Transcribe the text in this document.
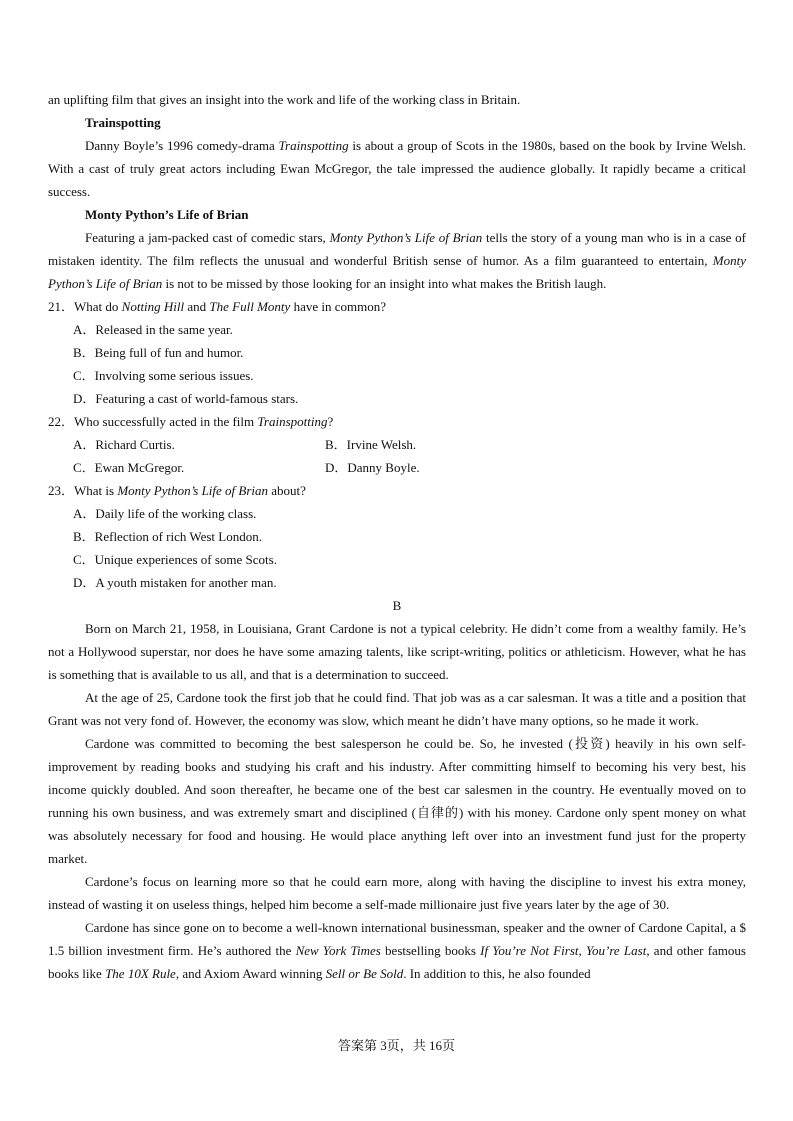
an uplifting film that gives an insight into the work and life of the working class in Britain.

Trainspotting

Danny Boyle’s 1996 comedy-drama Trainspotting is about a group of Scots in the 1980s, based on the book by Irvine Welsh. With a cast of truly great actors including Ewan McGregor, the tale impressed the audience globally. It rapidly became a critical success.

Monty Python’s Life of Brian

Featuring a jam-packed cast of comedic stars, Monty Python’s Life of Brian tells the story of a young man who is in a case of mistaken identity. The film reflects the unusual and wonderful British sense of humor. As a film guaranteed to entertain, Monty Python’s Life of Brian is not to be missed by those looking for an insight into what makes the British laugh.

21．What do Notting Hill and The Full Monty have in common?

A．Released in the same year.

B．Being full of fun and humor.

C．Involving some serious issues.

D．Featuring a cast of world-famous stars.

22．Who successfully acted in the film Trainspotting?

A．Richard Curtis.	B．Irvine Welsh.
C．Ewan McGregor.	D．Danny Boyle.

23．What is Monty Python’s Life of Brian about?

A．Daily life of the working class.

B．Reflection of rich West London.

C．Unique experiences of some Scots.

D．A youth mistaken for another man.

B

Born on March 21, 1958, in Louisiana, Grant Cardone is not a typical celebrity. He didn’t come from a wealthy family. He’s not a Hollywood superstar, nor does he have some amazing talents, like script-writing, politics or athleticism. However, what he has is something that is available to us all, and that is a determination to succeed.

At the age of 25, Cardone took the first job that he could find. That job was as a car salesman. It was a title and a position that Grant was not very fond of. However, the economy was slow, which meant he didn’t have many options, so he made it work.

Cardone was committed to becoming the best salesperson he could be. So, he invested (投资) heavily in his own self-improvement by reading books and studying his craft and his industry. After committing himself to becoming his very best, his income quickly doubled. And soon thereafter, he became one of the best car salesmen in the country. He eventually moved on to running his own business, and was extremely smart and disciplined (自律的) with his money. Cardone only spent money on what was absolutely necessary for food and housing. He would place anything left over into an investment fund just for the property market.

Cardone’s focus on learning more so that he could earn more, along with having the discipline to invest his extra money, instead of wasting it on useless things, helped him become a self-made millionaire just five years later by the age of 30.

Cardone has since gone on to become a well-known international businessman, speaker and the owner of Cardone Capital, a $ 1.5 billion investment firm. He’s authored the New York Times bestselling books If You’re Not First, You’re Last, and other famous books like The 10X Rule, and Axiom Award winning Sell or Be Sold. In addition to this, he also founded

答案第 3页，共 16页
